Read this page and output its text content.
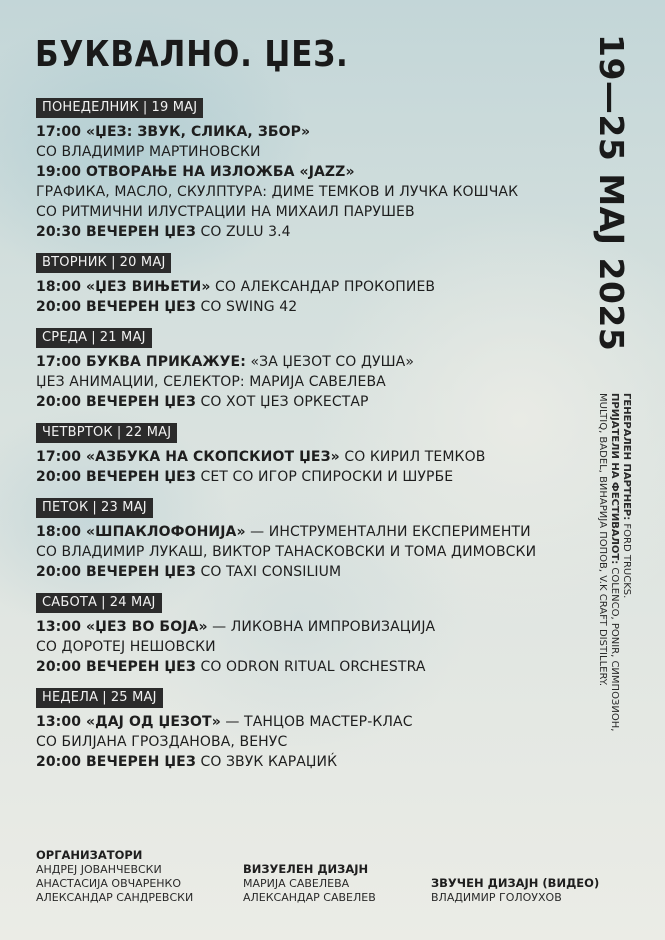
БУКВАЛНО. ЏЕЗ.
ПОНЕДЕЛНИК | 19 МАЈ
17:00 «ЏЕЗ: ЗВУК, СЛИКА, ЗБОР»
СО ВЛАДИМИР МАРТИНОВСКИ
19:00 ОТВОРАЊЕ НА ИЗЛОЖБА «JAZZ»
ГРАФИКА, МАСЛО, СКУЛПТУРА: ДИМЕ ТЕМКОВ И ЛУЧКА КОШЧАК
СО РИТМИЧНИ ИЛУСТРАЦИИ НА МИХАИЛ ПАРУШЕВ
20:30 ВЕЧЕРЕН ЏЕЗ СО ZULU 3.4
ВТОРНИК | 20 МАЈ
18:00 «ЏЕЗ ВИЊЕТИ» СО АЛЕКСАНДАР ПРОКОПИЕВ
20:00 ВЕЧЕРЕН ЏЕЗ СО SWING 42
СРЕДА | 21 МАЈ
17:00 БУКВА ПРИКАЖУЕ: «ЗА ЏЕЗОТ СО ДУША»
ЏЕЗ АНИМАЦИИ, СЕЛЕКТОР: МАРИЈА САВЕЛЕВА
20:00 ВЕЧЕРЕН ЏЕЗ СО ХОТ ЏЕЗ ОРКЕСТАР
ЧЕТВРТОК | 22 МАЈ
17:00 «АЗБУКА НА СКОПСКИОТ ЏЕЗ» СО КИРИЛ ТЕМКОВ
20:00 ВЕЧЕРЕН ЏЕЗ СЕТ СО ИГОР СПИРОСКИ И ШУРБЕ
ПЕТОК | 23 МАЈ
18:00 «ШПАКЛОФОНИЈА» — ИНСТРУМЕНТАЛНИ ЕКСПЕРИМЕНТИ
СО ВЛАДИМИР ЛУКАШ, ВИКТОР ТАНАСКОВСКИ И ТОМА ДИМОВСКИ
20:00 ВЕЧЕРЕН ЏЕЗ СО TAXI CONSILIUM
САБОТА | 24 МАЈ
13:00 «ЏЕЗ ВО БОЈА» — ЛИКОВНА ИМПРОВИЗАЦИЈА
СО ДОРОТЕЈ НЕШОВСКИ
20:00 ВЕЧЕРЕН ЏЕЗ СО ODRON RITUAL ORCHESTRA
НЕДЕЛА | 25 МАЈ
13:00 «ДАЈ ОД ЏЕЗОТ» — ТАНЦОВ МАСТЕР-КЛАС
СО БИЛЈАНА ГРОЗДАНОВА, ВЕНУС
20:00 ВЕЧЕРЕН ЏЕЗ СО ЗВУК КАРАЏИЌ
19—25 МАЈ 2025
ГЕНЕРАЛЕН ПАРТНЕР: FORD TRUCKS.
ПРИЈАТЕЛИ НА ФЕСТИВАЛОТ: COLENCO, PONIR, СИМПОЗИОН,
MULTIQ, BADEL, ВИНАРИЈА ПОПОВ, V.K CRAFT DISTILLERY.
ОРГАНИЗАТОРИ
АНДРЕЈ ЈОВАНЧЕВСКИ
АНАСТАСИЈА ОВЧАРЕНКО
АЛЕКСАНДАР САНДРЕВСКИ
ВИЗУЕЛЕН ДИЗАЈН
МАРИЈА САВЕЛЕВА
АЛЕКСАНДАР САВЕЛЕВ
ЗВУЧЕН ДИЗАЈН (ВИДЕО)
ВЛАДИМИР ГОЛОУХОВ
